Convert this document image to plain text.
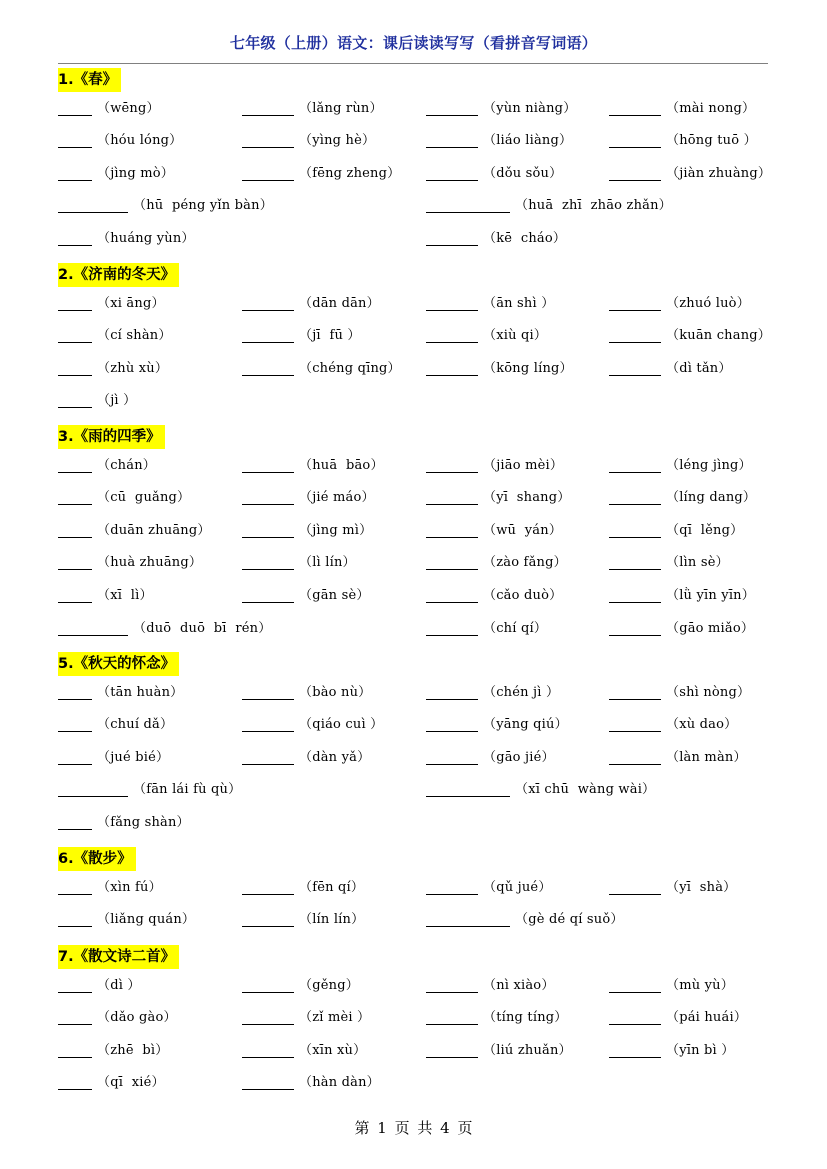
七年级（上册）语文：课后读读写写（看拼音写词语）
1.《春》
（wēng）	（lǎng rùn）	（yùn niàng）	（mài nong）
（hóu lóng）	（yìng hè）	（liáo liàng）	（hōng tuō ）
（jìng mò）	（fēng zheng）	（dǒu sǒu）	（jiàn zhuàng）
（hū  péng yǐn bàn）	（huā  zhī  zhāo zhǎn）
（huáng yùn）	（kē  cháo）
2.《济南的冬天》
（xi āng）	（dān dān）	（ān shì ）	（zhuó luò）
（cí shàn）	（jī  fū ）	（xiù qi）	（kuān chang）
（zhù xù）	（chéng qīng）	（kōng líng）	（dì tǎn）
（jì ）
3.《雨的四季》
（chán）	（huā  bāo）	（jiāo mèi）	（léng jìng）
（cū  guǎng）	（jié máo）	（yī  shang）	（líng dang）
（duān zhuāng）	（jìng mì）	（wū  yán）	（qī  lěng）
（huà zhuāng）	（lì lín）	（zào fǎng）	（lìn sè）
（xī  lì）	（gān sè）	（cǎo duò）	（lǜ yīn yīn）
（duō  duō  bī  rén）	（chí qí）	（gāo miǎo）
5.《秋天的怀念》
（tān huàn）	（bào nù）	（chén jì ）	（shì nòng）
（chuí dǎ）	（qiáo cuì ）	（yāng qiú）	（xù dao）
（jué bié）	（dàn yǎ）	（gāo jié）	（làn màn）
（fān lái fù qù）	（xī chū  wàng wài）
（fǎng shàn）
6.《散步》
（xìn fú）	（fēn qí）	（qǔ jué）	（yī  shà）
（liǎng quán）	（lín lín）	（gè dé qí suǒ）
7.《散文诗二首》
（dì ）	（gěng）	（nì xiào）	（mù yù）
（dǎo gào）	（zǐ mèi ）	（tíng tíng）	（pái huái）
（zhē  bì）	（xīn xù）	（liú zhuǎn）	（yīn bì ）
（qī  xié）	（hàn dàn）
第 1 页 共 4 页
